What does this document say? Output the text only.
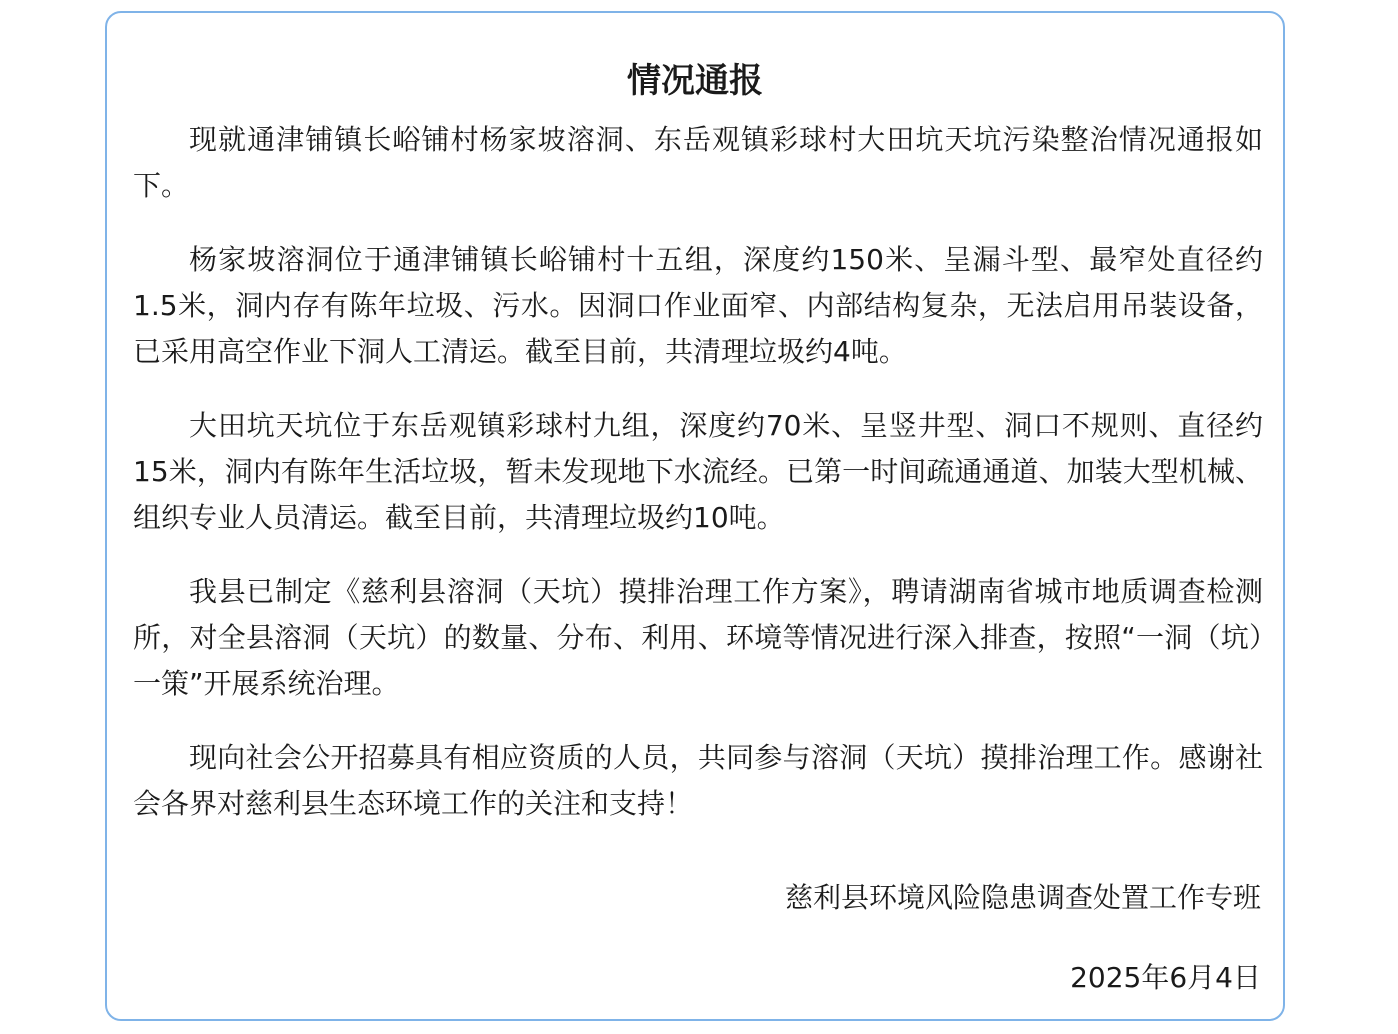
情况通报

现就通津铺镇长峪铺村杨家坡溶洞、东岳观镇彩球村大田坑天坑污染整治情况通报如下。

杨家坡溶洞位于通津铺镇长峪铺村十五组，深度约150米、呈漏斗型、最窄处直径约1.5米，洞内存有陈年垃圾、污水。因洞口作业面窄、内部结构复杂，无法启用吊装设备，已采用高空作业下洞人工清运。截至目前，共清理垃圾约4吨。

大田坑天坑位于东岳观镇彩球村九组，深度约70米、呈竖井型、洞口不规则、直径约15米，洞内有陈年生活垃圾，暂未发现地下水流经。已第一时间疏通通道、加装大型机械、组织专业人员清运。截至目前，共清理垃圾约10吨。

我县已制定《慈利县溶洞（天坑）摸排治理工作方案》，聘请湖南省城市地质调查检测所，对全县溶洞（天坑）的数量、分布、利用、环境等情况进行深入排查，按照“一洞（坑）一策”开展系统治理。

现向社会公开招募具有相应资质的人员，共同参与溶洞（天坑）摸排治理工作。感谢社会各界对慈利县生态环境工作的关注和支持！

慈利县环境风险隐患调查处置工作专班
2025年6月4日
